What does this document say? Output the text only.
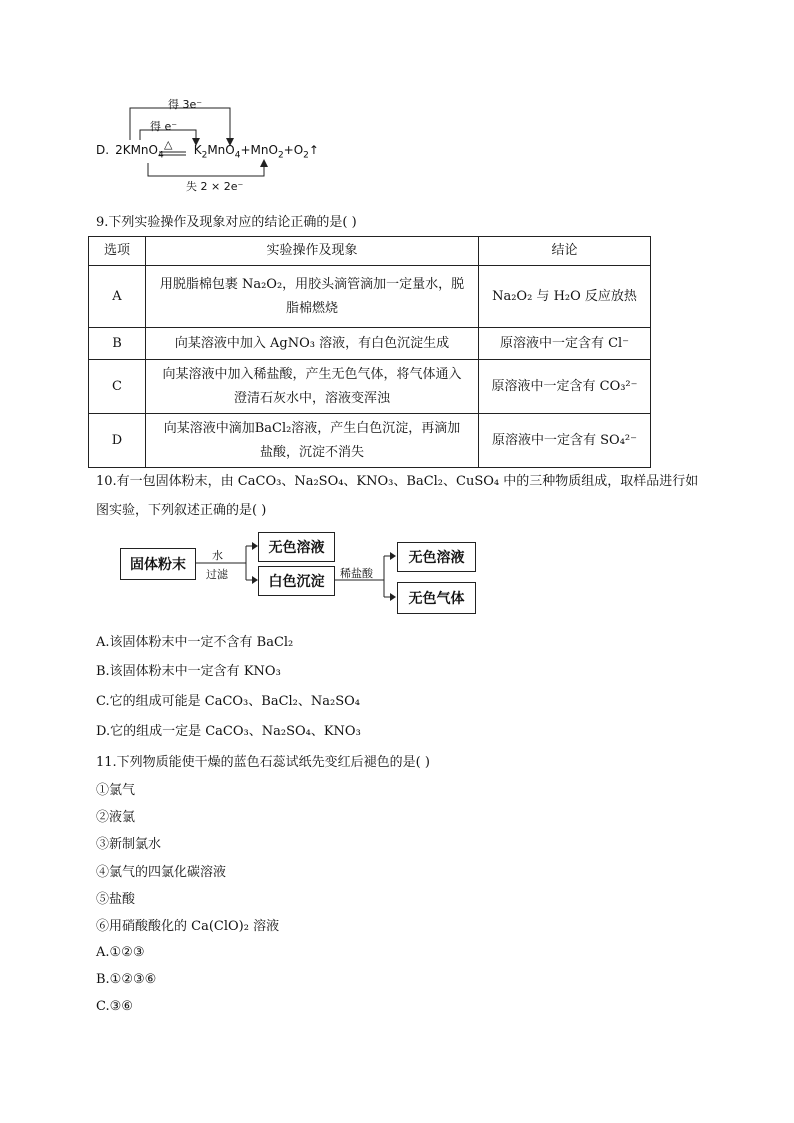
得 3e⁻
得 e⁻
失 2 × 2e⁻
△
D. 2KMnO$_4$	$K_2MnO_4+MnO_2+O_2↑$
9.下列实验操作及现象对应的结论正确的是( )
选项	实验操作及现象	结论
A	用脱脂棉包裹 Na₂O₂，用胶头滴管滴加一定量水，脱
脂棉燃烧	Na₂O₂ 与 H₂O 反应放热
B	向某溶液中加入 AgNO₃ 溶液，有白色沉淀生成	原溶液中一定含有 Cl⁻
C	向某溶液中加入稀盐酸，产生无色气体，将气体通入
澄清石灰水中，溶液变浑浊	原溶液中一定含有 CO₃²⁻
D	向某溶液中滴加BaCl₂溶液，产生白色沉淀，再滴加
盐酸，沉淀不消失	原溶液中一定含有 SO₄²⁻
10.有一包固体粉末，由 CaCO₃、Na₂SO₄、KNO₃、BaCl₂、CuSO₄ 中的三种物质组成，取样品进行如
图实验，下列叙述正确的是( )
固体粉末
水
过滤
无色溶液
白色沉淀
稀盐酸
无色溶液
无色气体
A.该固体粉末中一定不含有 BaCl₂
B.该固体粉末中一定含有 KNO₃
C.它的组成可能是 CaCO₃、BaCl₂、Na₂SO₄
D.它的组成一定是 CaCO₃、Na₂SO₄、KNO₃
11.下列物质能使干燥的蓝色石蕊试纸先变红后褪色的是( )
①氯气
②液氯
③新制氯水
④氯气的四氯化碳溶液
⑤盐酸
⑥用硝酸酸化的 Ca(ClO)₂ 溶液
A.①②③
B.①②③⑥
C.③⑥
